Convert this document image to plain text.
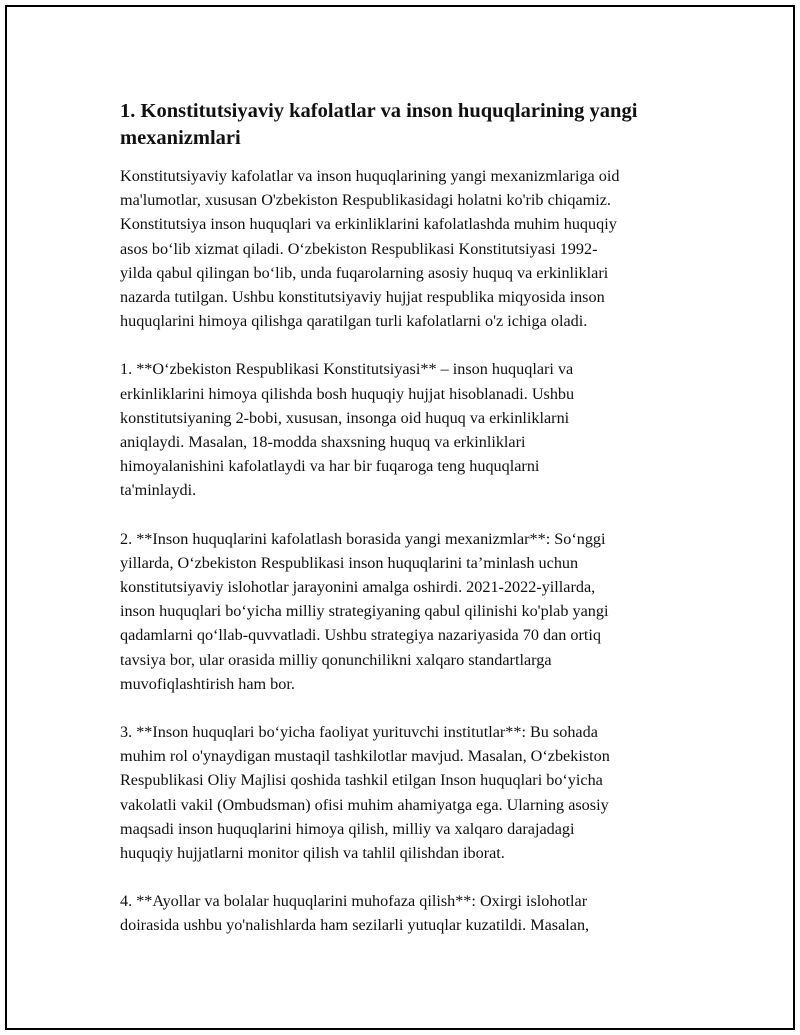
1. Konstitutsiyaviy kafolatlar va inson huquqlarining yangi mexanizmlari

Konstitutsiyaviy kafolatlar va inson huquqlarining yangi mexanizmlariga oid
ma'lumotlar, xususan O'zbekiston Respublikasidagi holatni ko'rib chiqamiz.
Konstitutsiya inson huquqlari va erkinliklarini kafolatlashda muhim huquqiy
asos bo‘lib xizmat qiladi. O‘zbekiston Respublikasi Konstitutsiyasi 1992-
yilda qabul qilingan bo‘lib, unda fuqarolarning asosiy huquq va erkinliklari
nazarda tutilgan. Ushbu konstitutsiyaviy hujjat respublika miqyosida inson
huquqlarini himoya qilishga qaratilgan turli kafolatlarni o'z ichiga oladi.

1. **O‘zbekiston Respublikasi Konstitutsiyasi** – inson huquqlari va
erkinliklarini himoya qilishda bosh huquqiy hujjat hisoblanadi. Ushbu
konstitutsiyaning 2-bobi, xususan, insonga oid huquq va erkinliklarni
aniqlaydi. Masalan, 18-modda shaxsning huquq va erkinliklari
himoyalanishini kafolatlaydi va har bir fuqaroga teng huquqlarni
ta'minlaydi.

2. **Inson huquqlarini kafolatlash borasida yangi mexanizmlar**: So‘nggi
yillarda, O‘zbekiston Respublikasi inson huquqlarini ta’minlash uchun
konstitutsiyaviy islohotlar jarayonini amalga oshirdi. 2021-2022-yillarda,
inson huquqlari bo‘yicha milliy strategiyaning qabul qilinishi ko'plab yangi
qadamlarni qo‘llab-quvvatladi. Ushbu strategiya nazariyasida 70 dan ortiq
tavsiya bor, ular orasida milliy qonunchilikni xalqaro standartlarga
muvofiqlashtirish ham bor.

3. **Inson huquqlari bo‘yicha faoliyat yurituvchi institutlar**: Bu sohada
muhim rol o'ynaydigan mustaqil tashkilotlar mavjud. Masalan, O‘zbekiston
Respublikasi Oliy Majlisi qoshida tashkil etilgan Inson huquqlari bo‘yicha
vakolatli vakil (Ombudsman) ofisi muhim ahamiyatga ega. Ularning asosiy
maqsadi inson huquqlarini himoya qilish, milliy va xalqaro darajadagi
huquqiy hujjatlarni monitor qilish va tahlil qilishdan iborat.

4. **Ayollar va bolalar huquqlarini muhofaza qilish**: Oxirgi islohotlar
doirasida ushbu yo'nalishlarda ham sezilarli yutuqlar kuzatildi. Masalan,
